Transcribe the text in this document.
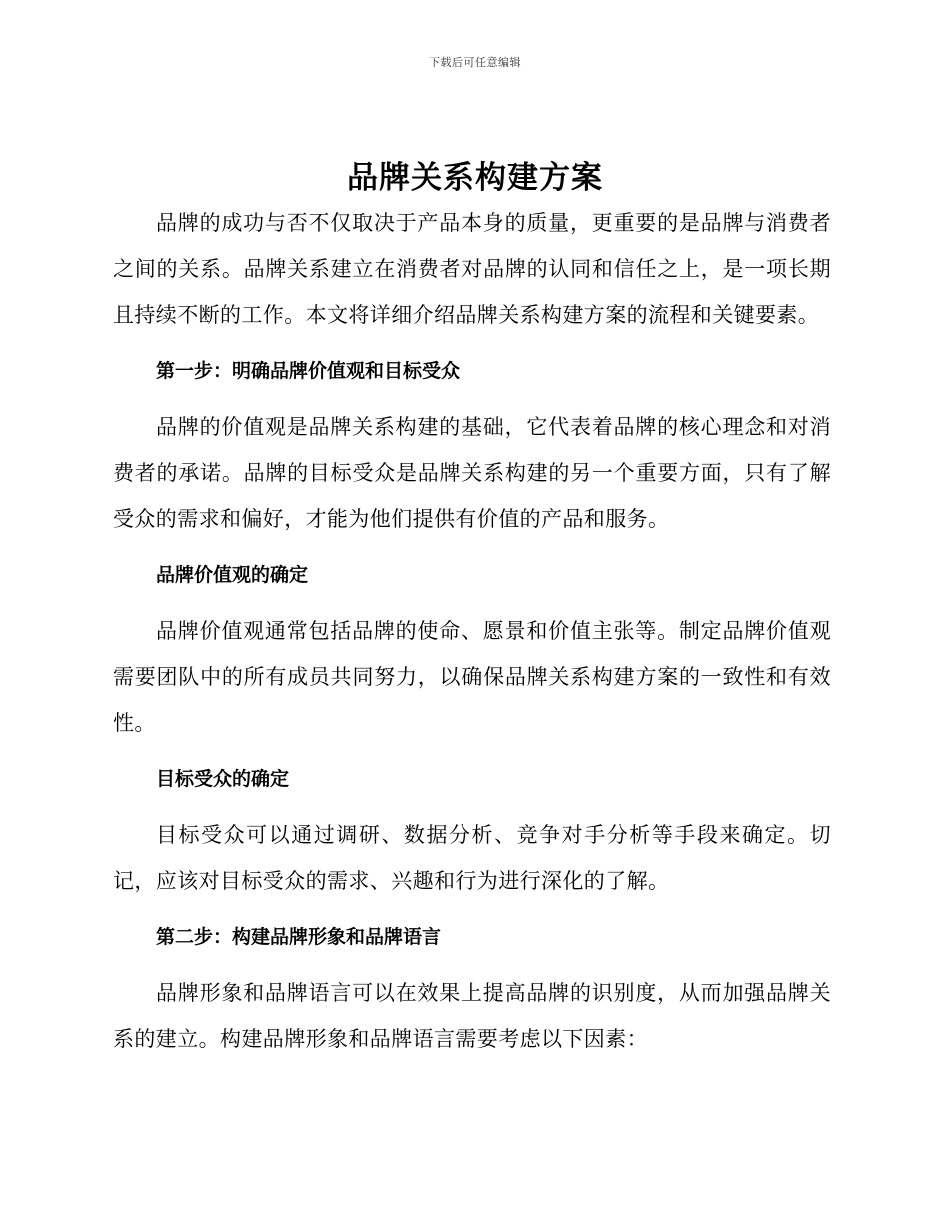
下载后可任意编辑
品牌关系构建方案

品牌的成功与否不仅取决于产品本身的质量，更重要的是品牌与消费者之间的关系。品牌关系建立在消费者对品牌的认同和信任之上，是一项长期且持续不断的工作。本文将详细介绍品牌关系构建方案的流程和关键要素。

第一步：明确品牌价值观和目标受众

品牌的价值观是品牌关系构建的基础，它代表着品牌的核心理念和对消费者的承诺。品牌的目标受众是品牌关系构建的另一个重要方面，只有了解受众的需求和偏好，才能为他们提供有价值的产品和服务。

品牌价值观的确定

品牌价值观通常包括品牌的使命、愿景和价值主张等。制定品牌价值观需要团队中的所有成员共同努力，以确保品牌关系构建方案的一致性和有效性。

目标受众的确定

目标受众可以通过调研、数据分析、竞争对手分析等手段来确定。切记，应该对目标受众的需求、兴趣和行为进行深化的了解。

第二步：构建品牌形象和品牌语言

品牌形象和品牌语言可以在效果上提高品牌的识别度，从而加强品牌关系的建立。构建品牌形象和品牌语言需要考虑以下因素：
